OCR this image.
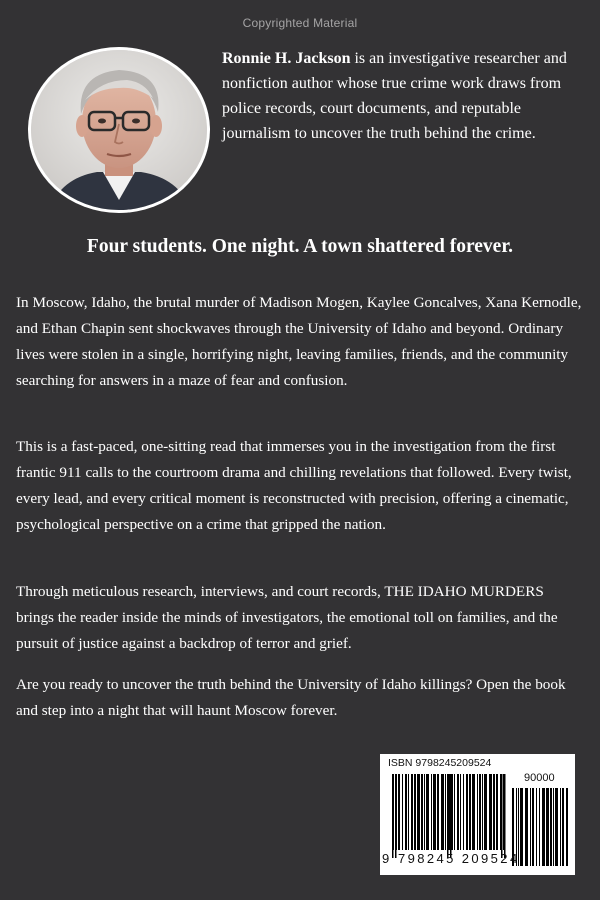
Copyrighted Material

Ronnie H. Jackson is an investigative researcher and nonfiction author whose true crime work draws from police records, court documents, and reputable journalism to uncover the truth behind the crime.

Four students. One night. A town shattered forever.

In Moscow, Idaho, the brutal murder of Madison Mogen, Kaylee Goncalves, Xana Kernodle, and Ethan Chapin sent shockwaves through the University of Idaho and beyond. Ordinary lives were stolen in a single, horrifying night, leaving families, friends, and the community searching for answers in a maze of fear and confusion.

This is a fast-paced, one-sitting read that immerses you in the investigation from the first frantic 911 calls to the courtroom drama and chilling revelations that followed. Every twist, every lead, and every critical moment is reconstructed with precision, offering a cinematic, psychological perspective on a crime that gripped the nation.

Through meticulous research, interviews, and court records, THE IDAHO MURDERS brings the reader inside the minds of investigators, the emotional toll on families, and the pursuit of justice against a backdrop of terror and grief.

Are you ready to uncover the truth behind the University of Idaho killings? Open the book and step into a night that will haunt Moscow forever.

ISBN 9798245209524
90000
9 798245 209524
